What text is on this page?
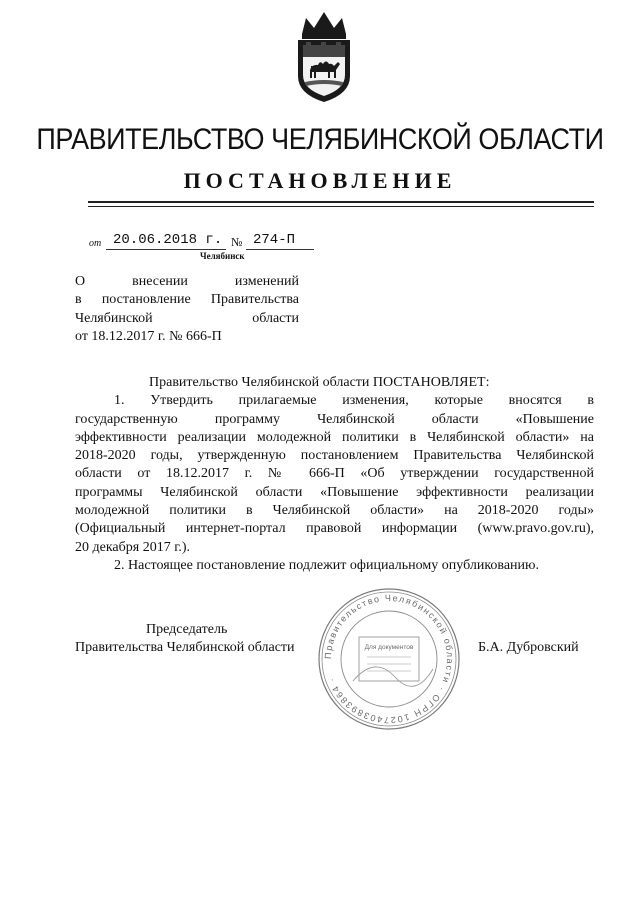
ПРАВИТЕЛЬСТВО ЧЕЛЯБИНСКОЙ ОБЛАСТИ
ПОСТАНОВЛЕНИЕ
от 20.06.2018 г. № 274-П
Челябинск
О внесении изменений
в постановление Правительства
Челябинской области
от 18.12.2017 г. № 666-П
Правительство Челябинской области ПОСТАНОВЛЯЕТ:
1. Утвердить прилагаемые изменения, которые вносятся в
государственную программу Челябинской области «Повышение
эффективности реализации молодежной политики в Челябинской области» на
2018-2020 годы, утвержденную постановлением Правительства Челябинской
области от 18.12.2017 г. № 666-П «Об утверждении государственной
программы Челябинской области «Повышение эффективности реализации
молодежной политики в Челябинской области» на 2018-2020 годы»
(Официальный интернет-портал правовой информации (www.pravo.gov.ru),
20 декабря 2017 г.).
2. Настоящее постановление подлежит официальному опубликованию.
Председатель
Правительства Челябинской области	Б.А. Дубровский
Правительство Челябинской области · ОГРН 1027403893864 ·
Для документов
